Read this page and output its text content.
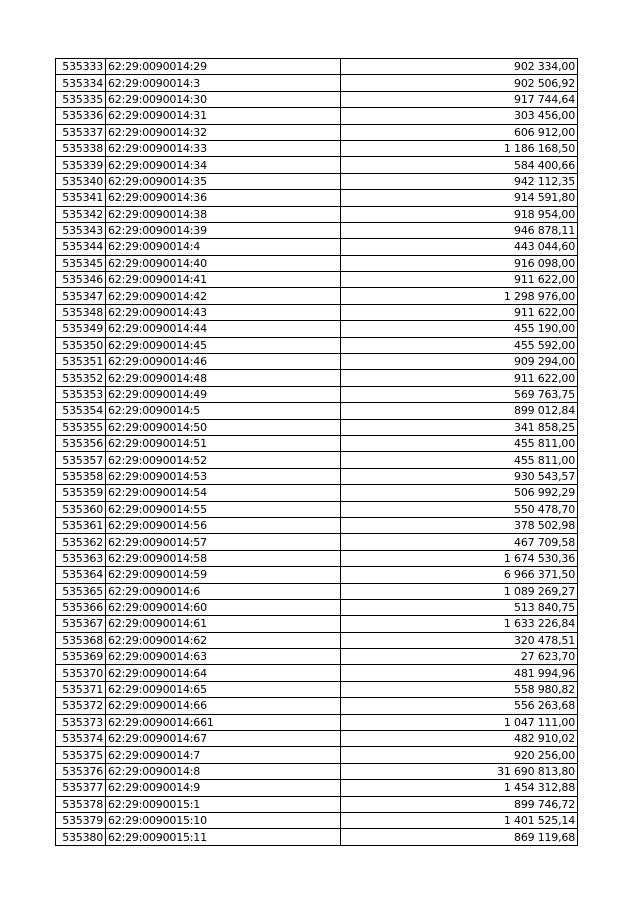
535333	62:29:0090014:29	902 334,00
535334	62:29:0090014:3	902 506,92
535335	62:29:0090014:30	917 744,64
535336	62:29:0090014:31	303 456,00
535337	62:29:0090014:32	606 912,00
535338	62:29:0090014:33	1 186 168,50
535339	62:29:0090014:34	584 400,66
535340	62:29:0090014:35	942 112,35
535341	62:29:0090014:36	914 591,80
535342	62:29:0090014:38	918 954,00
535343	62:29:0090014:39	946 878,11
535344	62:29:0090014:4	443 044,60
535345	62:29:0090014:40	916 098,00
535346	62:29:0090014:41	911 622,00
535347	62:29:0090014:42	1 298 976,00
535348	62:29:0090014:43	911 622,00
535349	62:29:0090014:44	455 190,00
535350	62:29:0090014:45	455 592,00
535351	62:29:0090014:46	909 294,00
535352	62:29:0090014:48	911 622,00
535353	62:29:0090014:49	569 763,75
535354	62:29:0090014:5	899 012,84
535355	62:29:0090014:50	341 858,25
535356	62:29:0090014:51	455 811,00
535357	62:29:0090014:52	455 811,00
535358	62:29:0090014:53	930 543,57
535359	62:29:0090014:54	506 992,29
535360	62:29:0090014:55	550 478,70
535361	62:29:0090014:56	378 502,98
535362	62:29:0090014:57	467 709,58
535363	62:29:0090014:58	1 674 530,36
535364	62:29:0090014:59	6 966 371,50
535365	62:29:0090014:6	1 089 269,27
535366	62:29:0090014:60	513 840,75
535367	62:29:0090014:61	1 633 226,84
535368	62:29:0090014:62	320 478,51
535369	62:29:0090014:63	27 623,70
535370	62:29:0090014:64	481 994,96
535371	62:29:0090014:65	558 980,82
535372	62:29:0090014:66	556 263,68
535373	62:29:0090014:661	1 047 111,00
535374	62:29:0090014:67	482 910,02
535375	62:29:0090014:7	920 256,00
535376	62:29:0090014:8	31 690 813,80
535377	62:29:0090014:9	1 454 312,88
535378	62:29:0090015:1	899 746,72
535379	62:29:0090015:10	1 401 525,14
535380	62:29:0090015:11	869 119,68
